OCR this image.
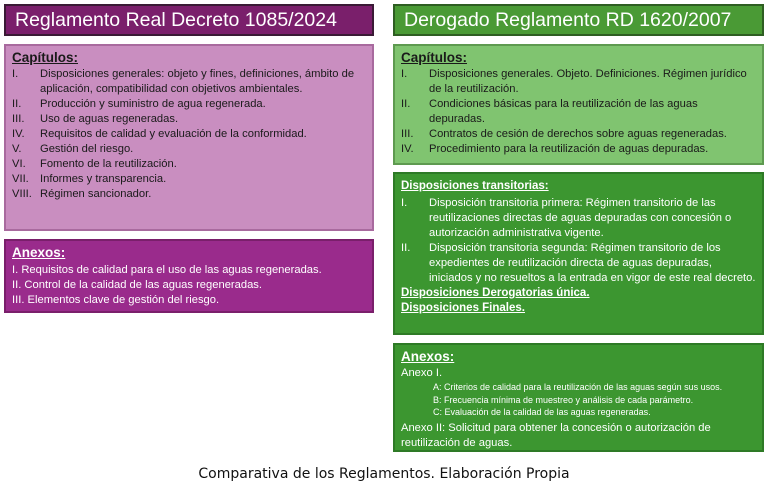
Reglamento Real Decreto 1085/2024	Derogado Reglamento RD 1620/2007
Capítulos:
I.	Disposiciones generales: objeto y fines, definiciones, ámbito de aplicación, compatibilidad con objetivos ambientales.
II.	Producción y suministro de agua regenerada.
III.	Uso de aguas regeneradas.
IV.	Requisitos de calidad y evaluación de la conformidad.
V.	Gestión del riesgo.
VI.	Fomento de la reutilización.
VII.	Informes y transparencia.
VIII. Régimen sancionador.
Anexos:
I. Requisitos de calidad para el uso de las aguas regeneradas.
II. Control de la calidad de las aguas regeneradas.
III. Elementos clave de gestión del riesgo.
Capítulos:
I.	Disposiciones generales. Objeto. Definiciones. Régimen jurídico de la reutilización.
II.	Condiciones básicas para la reutilización de las aguas depuradas.
III.	Contratos de cesión de derechos sobre aguas regeneradas.
IV.	Procedimiento para la reutilización de aguas depuradas.
Disposiciones transitorias:
I.	Disposición transitoria primera: Régimen transitorio de las reutilizaciones directas de aguas depuradas con concesión o autorización administrativa vigente.
II.	Disposición transitoria segunda: Régimen transitorio de los expedientes de reutilización directa de aguas depuradas, iniciados y no resueltos a la entrada en vigor de este real decreto.
Disposiciones Derogatorias única.
Disposiciones Finales.
Anexos:
Anexo I.
A: Criterios de calidad para la reutilización de las aguas según sus usos.
B: Frecuencia mínima de muestreo y análisis de cada parámetro.
C: Evaluación de la calidad de las aguas regeneradas.
Anexo II: Solicitud para obtener la concesión o autorización de reutilización de aguas.
Comparativa de los Reglamentos. Elaboración Propia
